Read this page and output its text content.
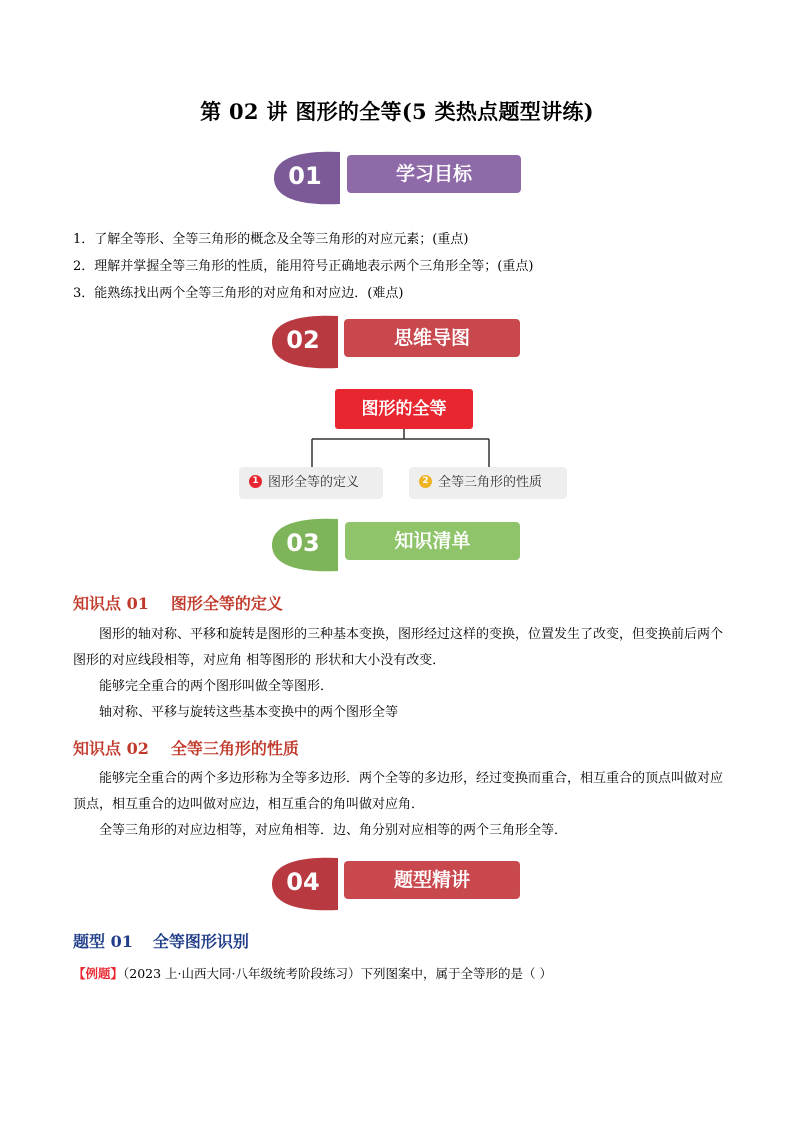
第 02 讲 图形的全等(5 类热点题型讲练)
01	学习目标
1．了解全等形、全等三角形的概念及全等三角形的对应元素；(重点)
2．理解并掌握全等三角形的性质，能用符号正确地表示两个三角形全等；(重点)
3．能熟练找出两个全等三角形的对应角和对应边．(难点)
02	思维导图
图形的全等
1 图形全等的定义	2 全等三角形的性质
03	知识清单
知识点 01 图形全等的定义

图形的轴对称、平移和旋转是图形的三种基本变换，图形经过这样的变换，位置发生了改变，但变换前后两个图形的对应线段相等，对应角 相等图形的 形状和大小没有改变．

能够完全重合的两个图形叫做全等图形．

轴对称、平移与旋转这些基本变换中的两个图形全等

知识点 02 全等三角形的性质

能够完全重合的两个多边形称为全等多边形．两个全等的多边形，经过变换而重合，相互重合的顶点叫做对应顶点，相互重合的边叫做对应边，相互重合的角叫做对应角．

全等三角形的对应边相等，对应角相等．边、角分别对应相等的两个三角形全等．

04	题型精讲
题型 01 全等图形识别
【例题】（2023 上·山西大同·八年级统考阶段练习）下列图案中，属于全等形的是（ ）
